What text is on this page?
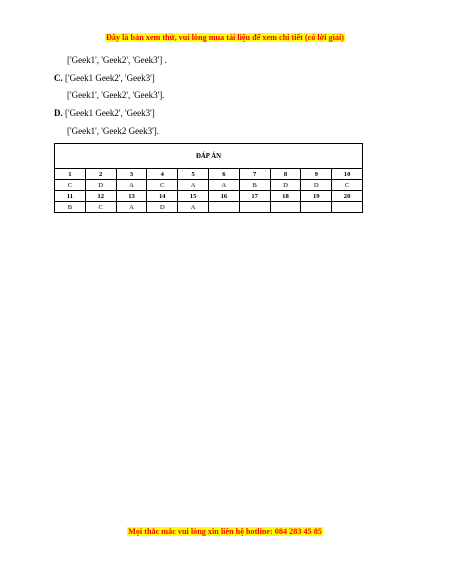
Đây là bản xem thử, vui lòng mua tài liệu để xem chi tiết (có lời giải)
['Geek1', 'Geek2', 'Geek3'] .
C. ['Geek1 Geek2', 'Geek3']
['Geek1', 'Geek2', 'Geek3'].
D. ['Geek1 Geek2', 'Geek3']
['Geek1', 'Geek2 Geek3'].
ĐÁP ÁN									
1	2	3	4	5	6	7	8	9	10
C	D	A	C	A	A	B	D	D	C
11	12	13	14	15	16	17	18	19	20
B	C	A	D	A					
Mọi thắc mắc vui lòng xin liên hệ hotline: 084 283 45 85
